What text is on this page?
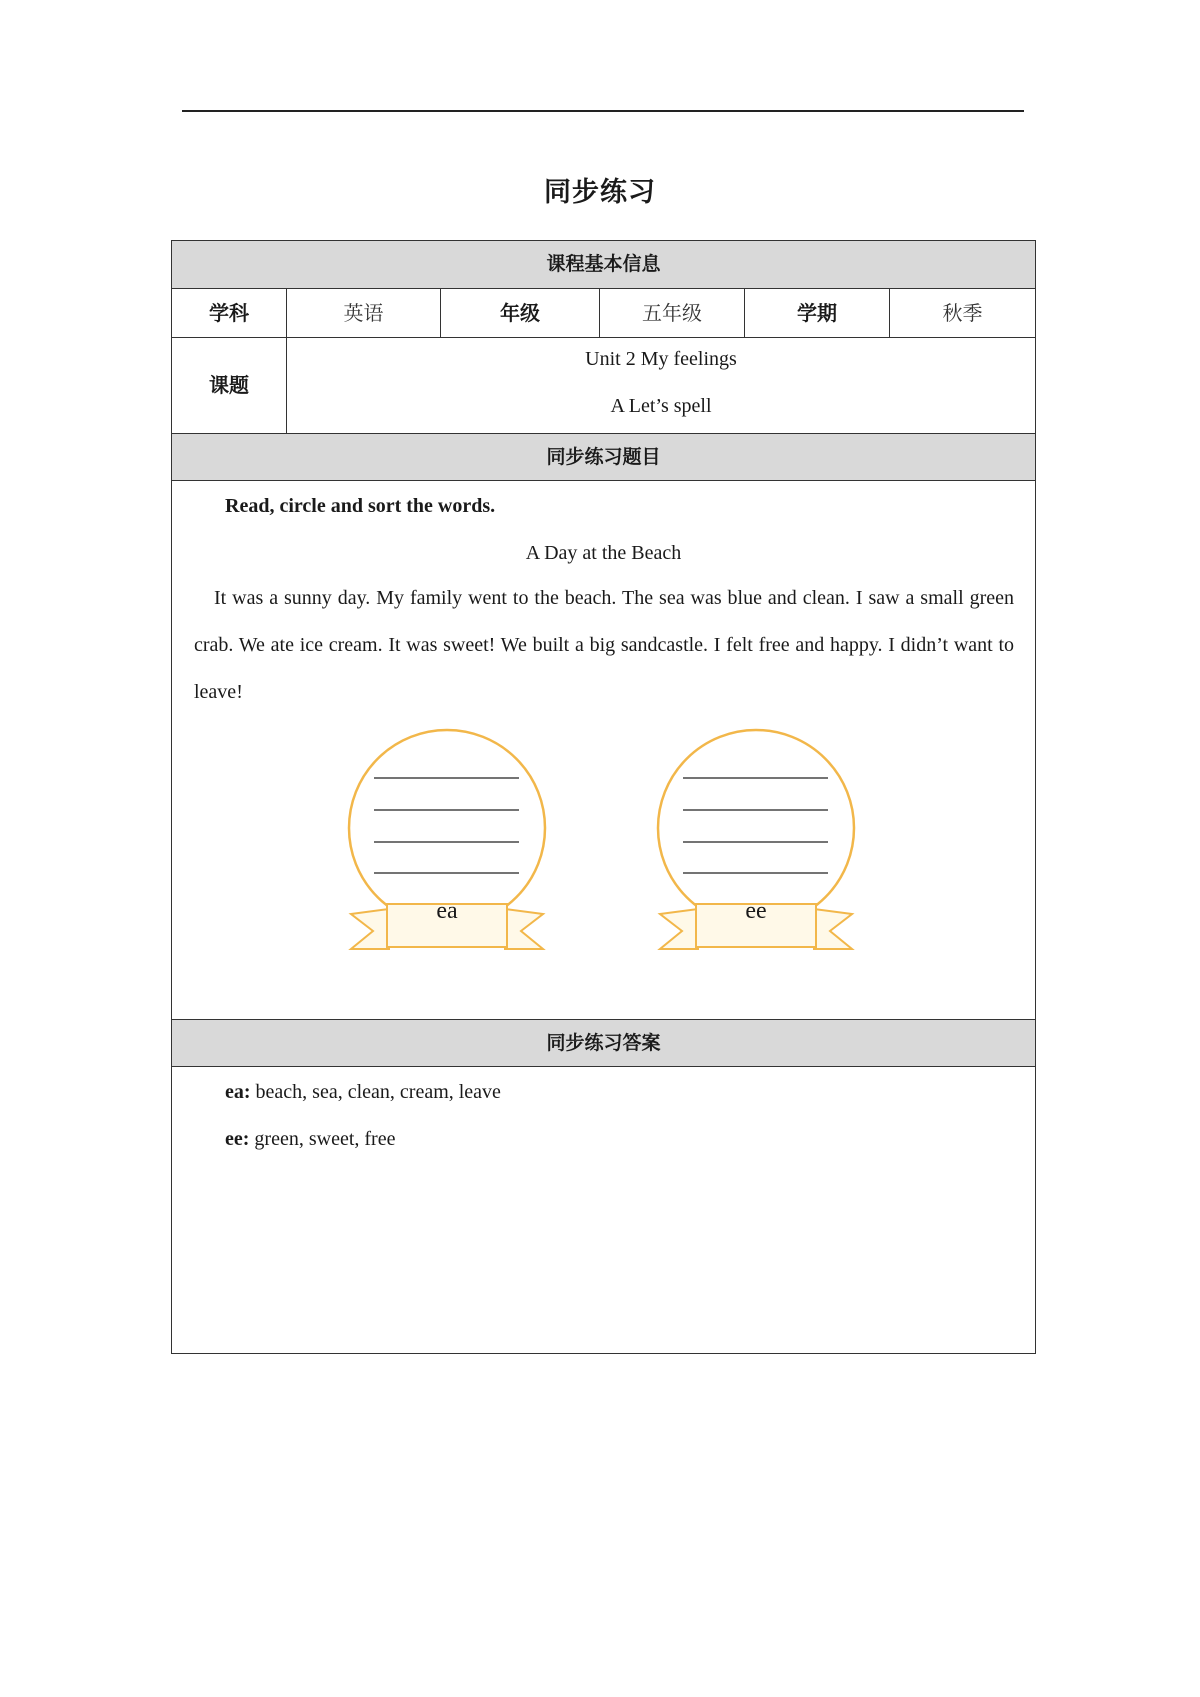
同步练习
课程基本信息
学科	英语	年级	五年级	学期	秋季
课题
Unit 2 My feelings
A Let’s spell
同步练习题目
Read, circle and sort the words.
A Day at the Beach
It was a sunny day. My family went to the beach. The sea was blue and clean. I saw a small green crab. We ate ice cream. It was sweet! We built a big sandcastle. I felt free and happy. I didn’t want to leave!
ea	ee
同步练习答案
ea: beach, sea, clean, cream, leave
ee: green, sweet, free
